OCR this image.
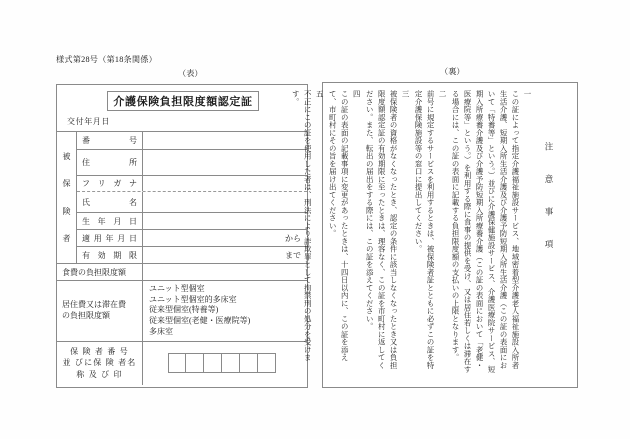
様式第28号（第18条関係）
（表）	（裏）
介護保険負担限度額認定証
交付年月日
被
保
険
者
番	号
住	所
フ リ ガ ナ
氏	名
生 年 月 日
適 用 年 月 日	から
有 効 期 限	まで
食費の負担限度額
居住費又は滞在費
の負担限度額
ユニット型個室
ユニット型個室的多床室
従来型個室(特養等)
従来型個室(老健・医療院等)
多床室
保 険 者 番 号
並 びに保 険 者名
称 及 び 印
注 意 事 項
一
この証によって指定介護福祉施設サービス、地域密着型介護老人福祉施設入所者生活介護、短期入所生活介護及び介護予防短期入所生活介護（この証の表面において「特養等」という。）並びに介護保健施設サービス、介護医療院サービス、短期入所療養介護及び介護予防短期入所療養介護（この証の表面において「老健・医療院等」という。）を利用する際に食事の提供を受け、又は居住若しくは滞在する場合には、この証の表面に記載する負担限度額の支払いの上限となります。
二
前号に規定するサービスを利用するときは、被保険者証とともに必ずこの証を特定介護保険施設等の窓口に提出してください。
三
被保険者の資格がなくなったとき、認定の条件に該当しなくなったとき又は負担限度額認定証の有効期限に至ったときは、理容なく、この証を市町村に返してください。また、転出の届出をする際には、この証を添えてください。
四
この証の表面の記載事項に変更があったときは、十四日以内に、この証を添えて、市町村にその旨を届け出てください。
五
不正にこの証を使用した者は、刑法により詐欺罪として拘禁刑の処分を受けます。
